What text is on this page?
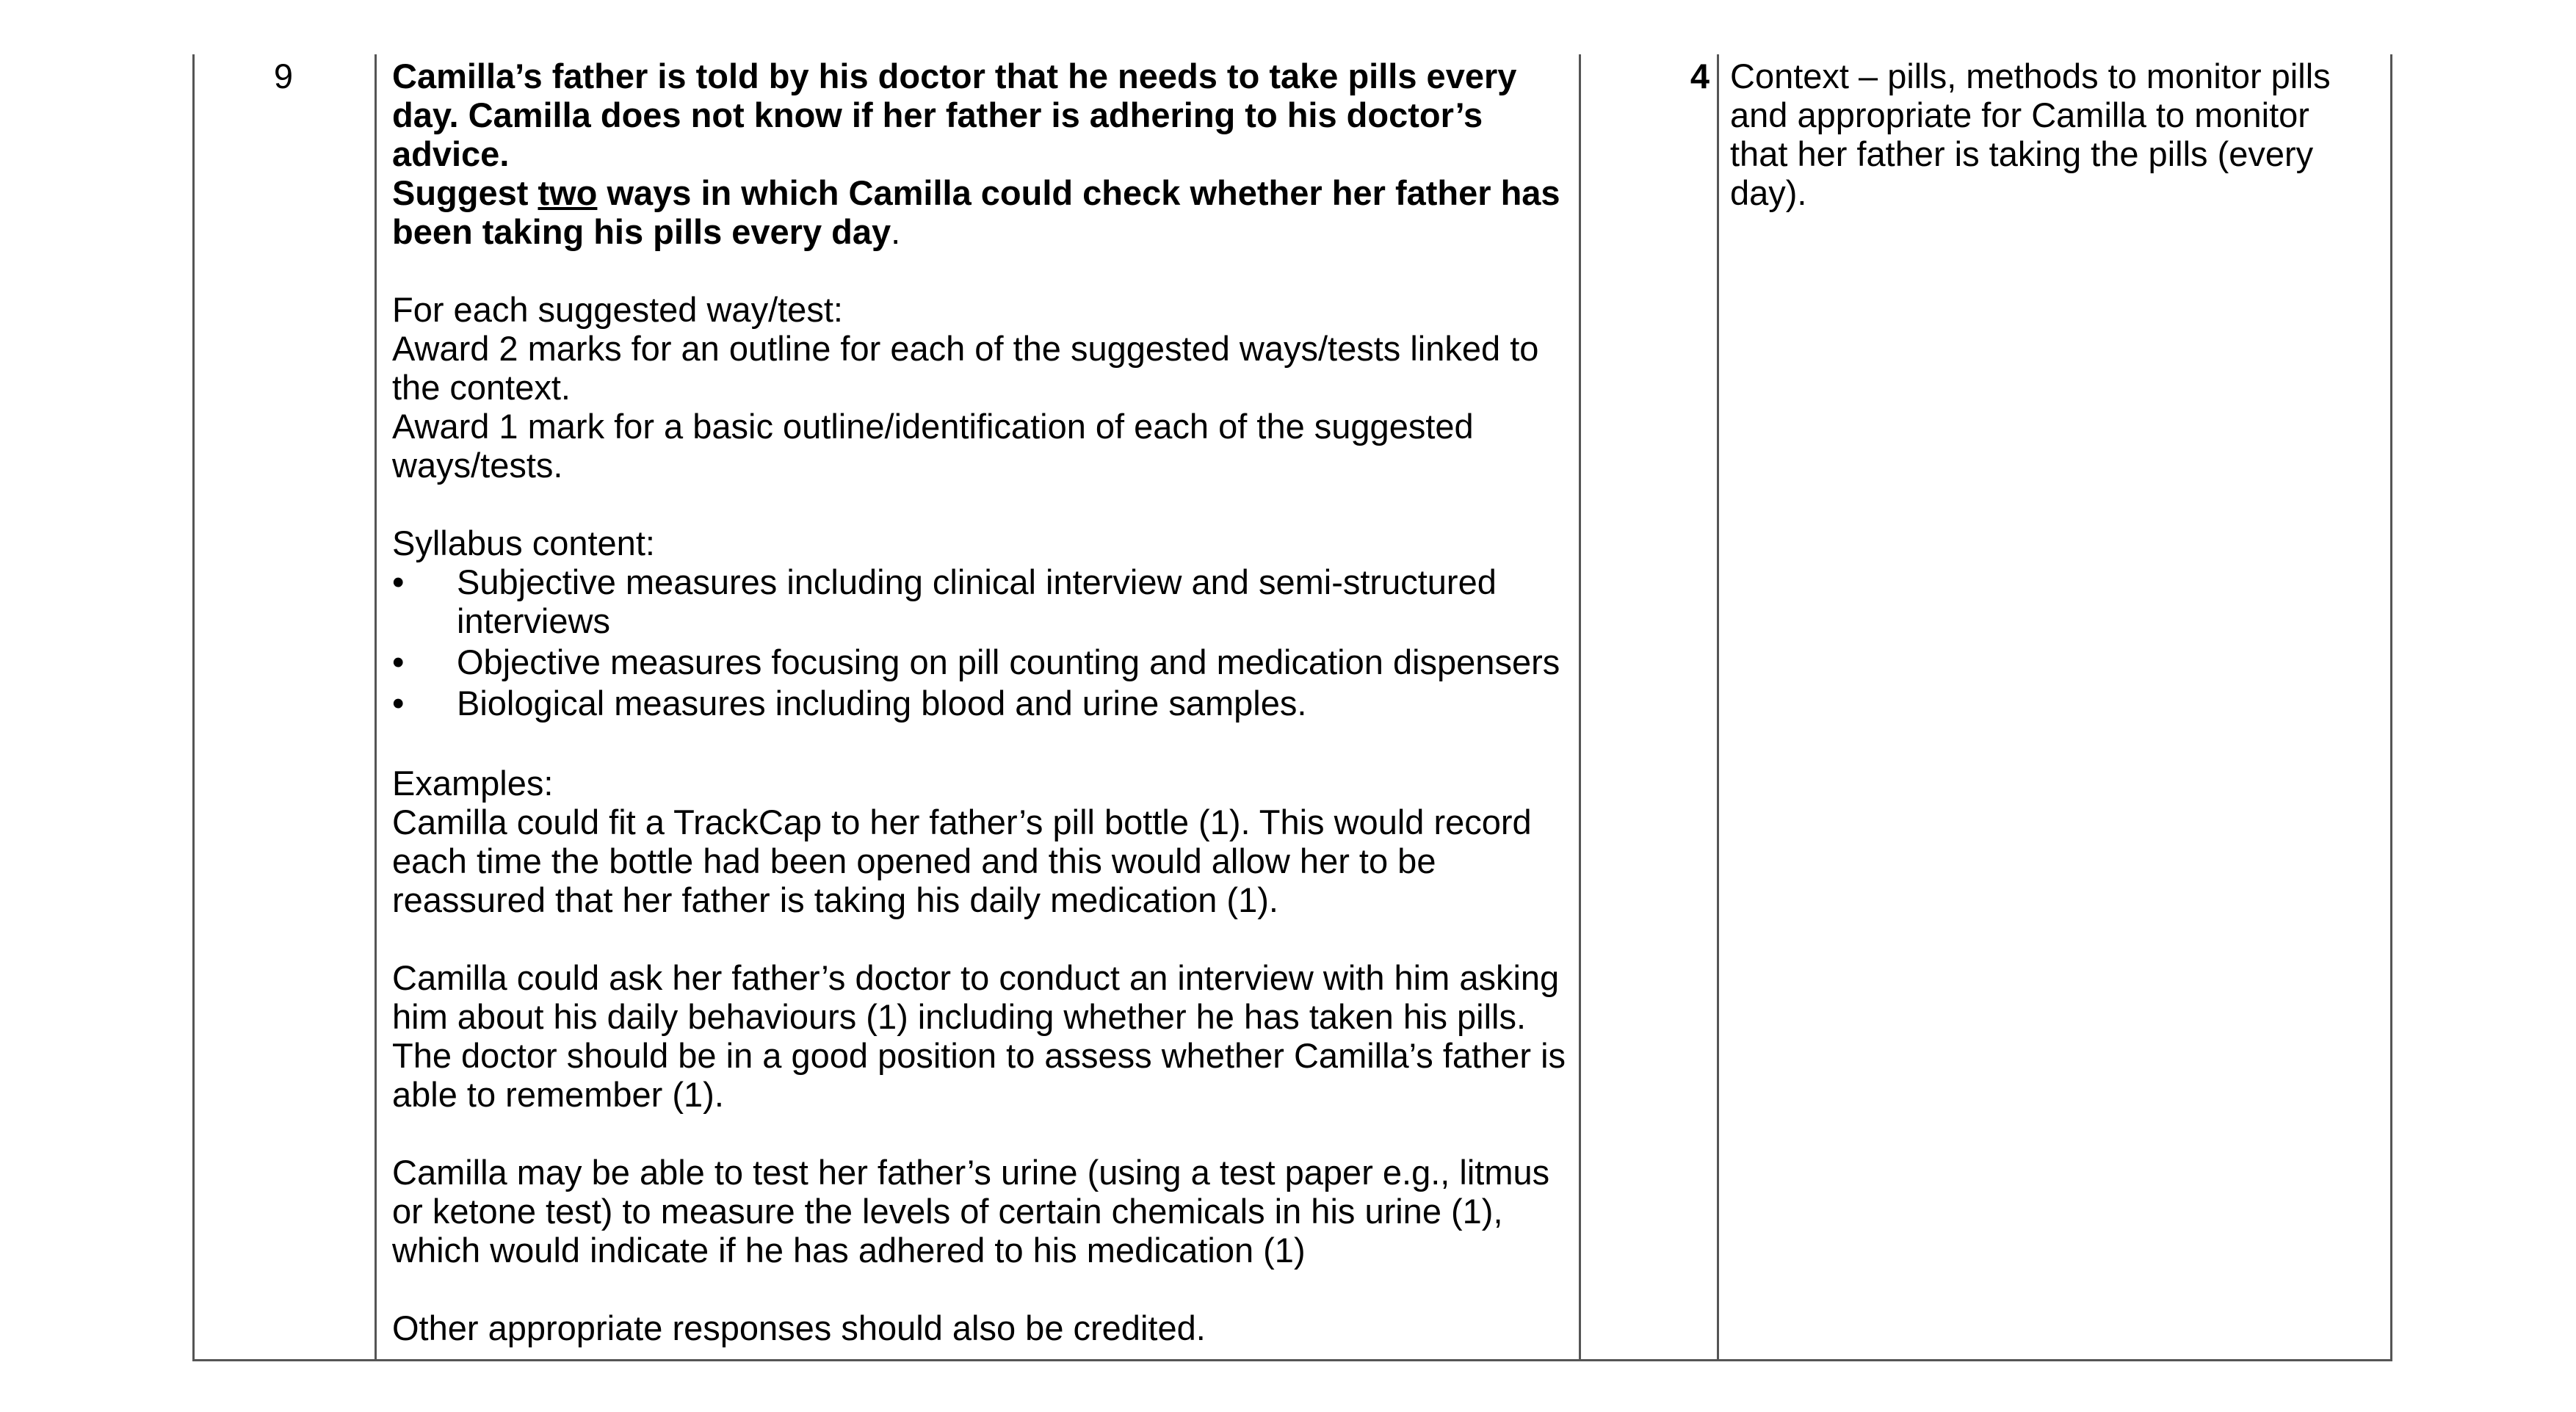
9	Camilla’s father is told by his doctor that he needs to take pills every day. Camilla does not know if her father is adhering to his doctor’s advice.

Suggest two ways in which Camilla could check whether her father has been taking his pills every day.

For each suggested way/test:

Award 2 marks for an outline for each of the suggested ways/tests linked to the context.

Award 1 mark for a basic outline/identification of each of the suggested ways/tests.

Syllabus content:

•	Subjective measures including clinical interview and semi-structured interviews
•	Objective measures focusing on pill counting and medication dispensers
•	Biological measures including blood and urine samples.

Examples:

Camilla could fit a TrackCap to her father’s pill bottle (1). This would record each time the bottle had been opened and this would allow her to be reassured that her father is taking his daily medication (1).

Camilla could ask her father’s doctor to conduct an interview with him asking him about his daily behaviours (1) including whether he has taken his pills. The doctor should be in a good position to assess whether Camilla’s father is able to remember (1).

Camilla may be able to test her father’s urine (using a test paper e.g., litmus or ketone test) to measure the levels of certain chemicals in his urine (1), which would indicate if he has adhered to his medication (1)

Other appropriate responses should also be credited.

4 Context – pills, methods to monitor pills and appropriate for Camilla to monitor that her father is taking the pills (every day).
